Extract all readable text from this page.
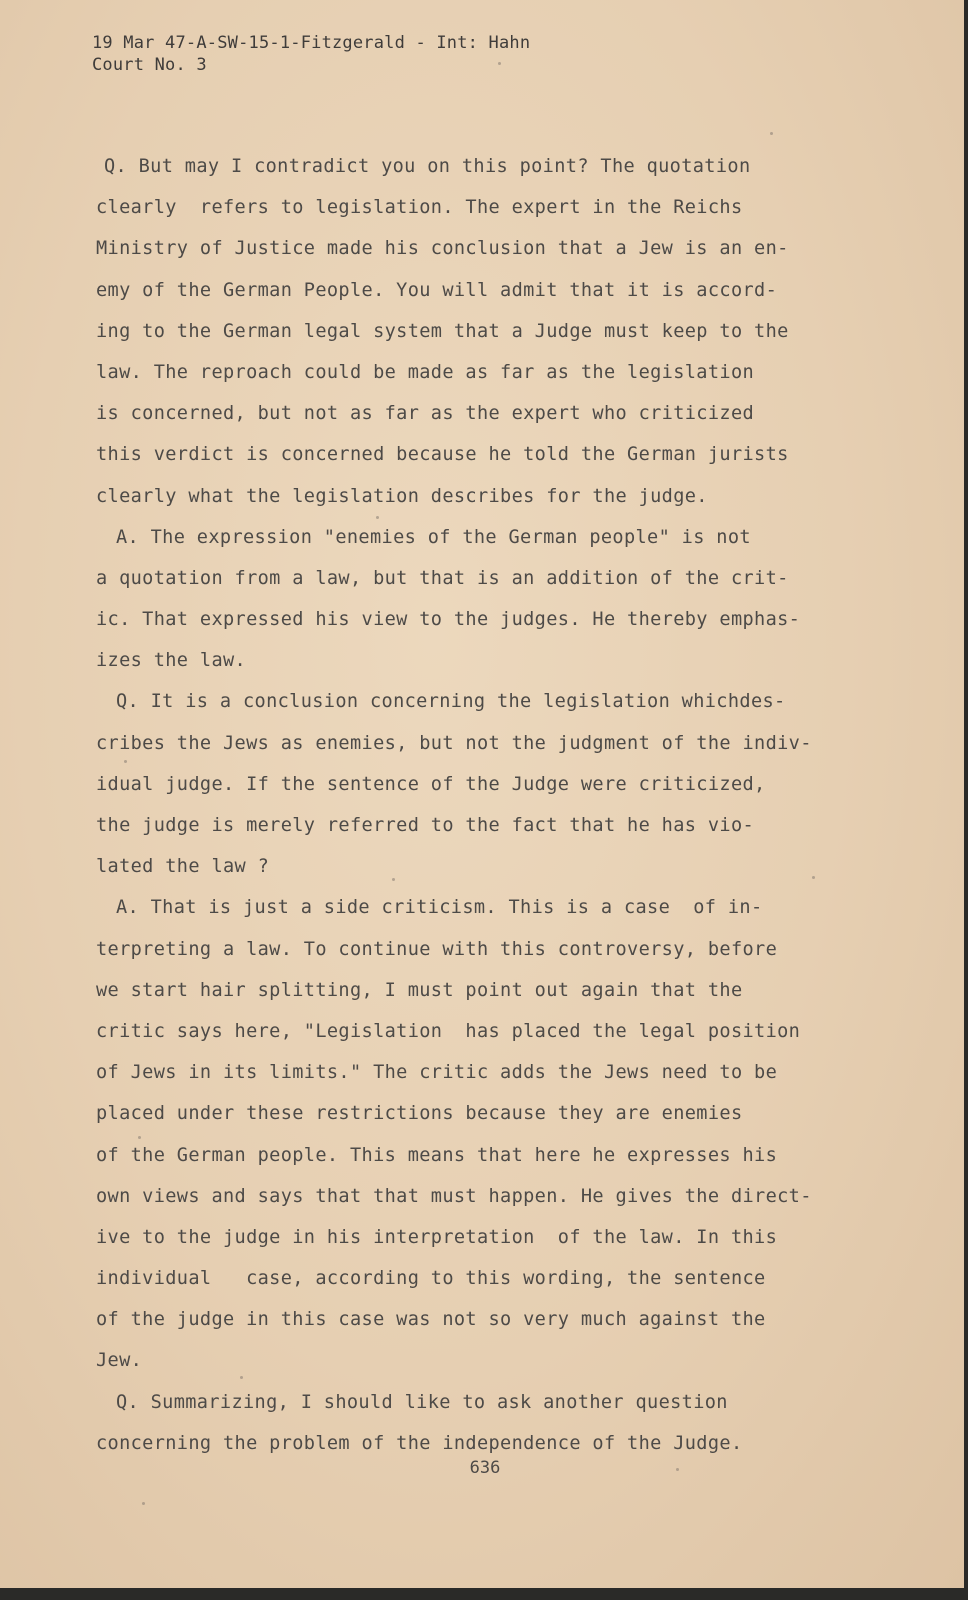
19 Mar 47-A-SW-15-1-Fitzgerald - Int: Hahn
Court No. 3
Q. But may I contradict you on this point? The quotation
clearly  refers to legislation. The expert in the Reichs
Ministry of Justice made his conclusion that a Jew is an en-
emy of the German People. You will admit that it is accord-
ing to the German legal system that a Judge must keep to the
law. The reproach could be made as far as the legislation
is concerned, but not as far as the expert who criticized
this verdict is concerned because he told the German jurists
clearly what the legislation describes for the judge.
A. The expression "enemies of the German people" is not
a quotation from a law, but that is an addition of the crit-
ic. That expressed his view to the judges. He thereby emphas-
izes the law.
Q. It is a conclusion concerning the legislation whichdes-
cribes the Jews as enemies, but not the judgment of the indiv-
idual judge. If the sentence of the Judge were criticized,
the judge is merely referred to the fact that he has vio-
lated the law ?
A. That is just a side criticism. This is a case  of in-
terpreting a law. To continue with this controversy, before
we start hair splitting, I must point out again that the
critic says here, "Legislation  has placed the legal position
of Jews in its limits." The critic adds the Jews need to be
placed under these restrictions because they are enemies
of the German people. This means that here he expresses his
own views and says that that must happen. He gives the direct-
ive to the judge in his interpretation  of the law. In this
individual   case, according to this wording, the sentence
of the judge in this case was not so very much against the
Jew.
Q. Summarizing, I should like to ask another question
concerning the problem of the independence of the Judge.
636
